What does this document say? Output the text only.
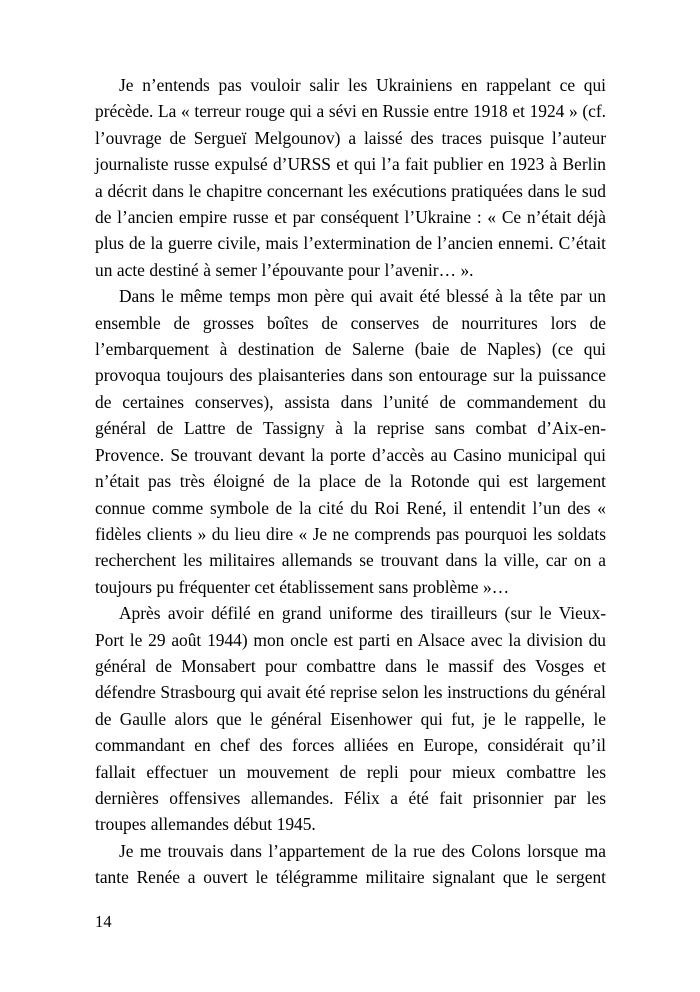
Je n’entends pas vouloir salir les Ukrainiens en rappelant ce qui précède. La « terreur rouge qui a sévi en Russie entre 1918 et 1924 » (cf. l’ouvrage de Sergueï Melgounov) a laissé des traces puisque l’auteur journaliste russe expulsé d’URSS et qui l’a fait publier en 1923 à Berlin a décrit dans le chapitre concernant les exécutions pratiquées dans le sud de l’ancien empire russe et par conséquent l’Ukraine : « Ce n’était déjà plus de la guerre civile, mais l’extermination de l’ancien ennemi. C’était un acte destiné à semer l’épouvante pour l’avenir… ».

Dans le même temps mon père qui avait été blessé à la tête par un ensemble de grosses boîtes de conserves de nourritures lors de l’embarquement à destination de Salerne (baie de Naples) (ce qui provoqua toujours des plaisanteries dans son entourage sur la puissance de certaines conserves), assista dans l’unité de commandement du général de Lattre de Tassigny à la reprise sans combat d’Aix-en-Provence. Se trouvant devant la porte d’accès au Casino municipal qui n’était pas très éloigné de la place de la Rotonde qui est largement connue comme symbole de la cité du Roi René, il entendit l’un des « fidèles clients » du lieu dire « Je ne comprends pas pourquoi les soldats recherchent les militaires allemands se trouvant dans la ville, car on a toujours pu fréquenter cet établissement sans problème »…

Après avoir défilé en grand uniforme des tirailleurs (sur le Vieux-Port le 29 août 1944) mon oncle est parti en Alsace avec la division du général de Monsabert pour combattre dans le massif des Vosges et défendre Strasbourg qui avait été reprise selon les instructions du général de Gaulle alors que le général Eisenhower qui fut, je le rappelle, le commandant en chef des forces alliées en Europe, considérait qu’il fallait effectuer un mouvement de repli pour mieux combattre les dernières offensives allemandes. Félix a été fait prisonnier par les troupes allemandes début 1945.

Je me trouvais dans l’appartement de la rue des Colons lorsque ma tante Renée a ouvert le télégramme militaire signalant que le sergent

14
